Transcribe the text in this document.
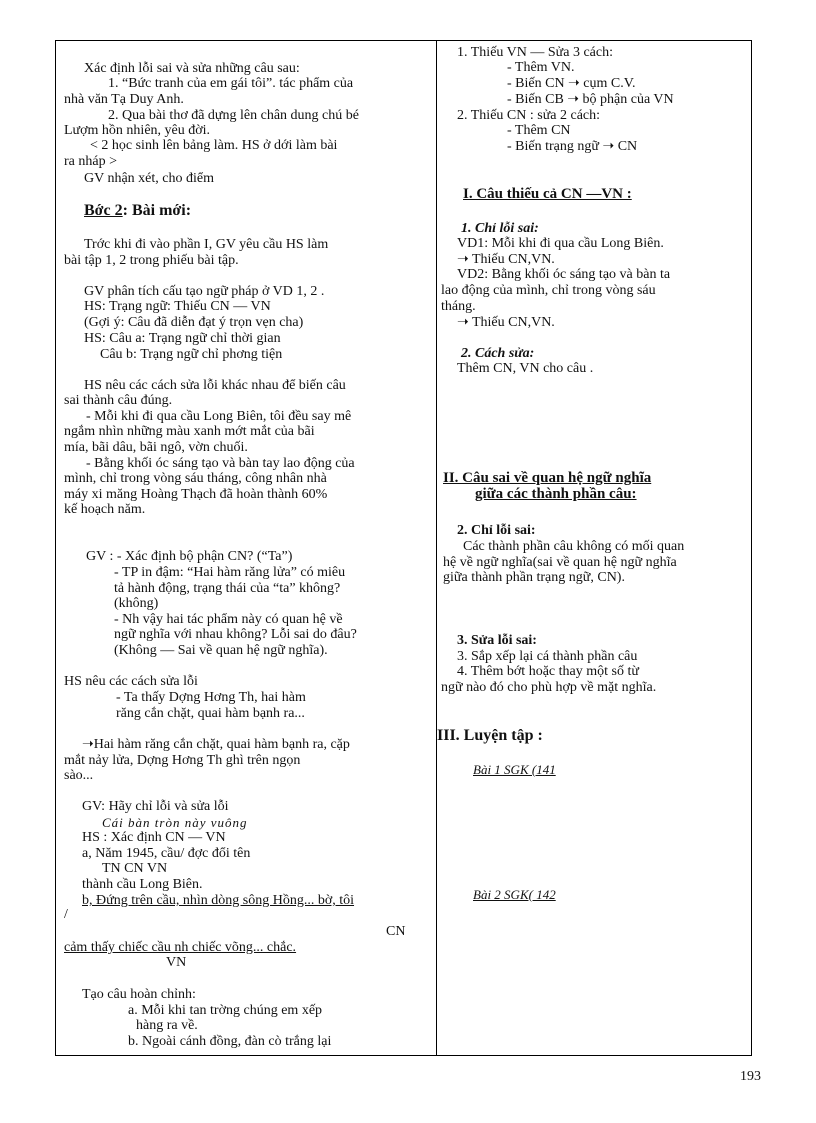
Xác định lỗi sai và sửa những câu sau:
1. “Bức tranh của em gái tôi”. tác phẩm của
nhà văn Tạ Duy Anh.
2. Qua bài thơ đã dựng lên chân dung chú bé
Lượm hồn nhiên, yêu đời.
< 2 học sinh lên bảng làm. HS ở dới làm bài
ra nháp >
GV nhận xét, cho điểm
Bớc 2: Bài mới:
Trớc khi đi vào phần I, GV yêu cầu HS làm
bài tập 1, 2 trong phiếu bài tập.
GV phân tích cấu tạo ngữ pháp ở VD 1, 2 .
HS: Trạng ngữ: Thiếu CN — VN
(Gợi ý: Câu đã diễn đạt ý trọn vẹn cha)
HS: Câu a: Trạng ngữ chỉ thời gian
Câu b: Trạng ngữ chỉ phơng tiện
HS nêu các cách sửa lỗi khác nhau để biến câu
sai thành câu đúng.
- Mỗi khi đi qua cầu Long Biên, tôi đều say mê
ngắm nhìn những màu xanh mớt mắt của bãi
mía, bãi dâu, bãi ngô, vờn chuối.
- Bằng khối óc sáng tạo và bàn tay lao động của
mình, chỉ trong vòng sáu tháng, công nhân nhà
máy xi măng Hoàng Thạch đã hoàn thành 60%
kế hoạch năm.
GV : - Xác định bộ phận CN? (“Ta”)
- TP in đậm: “Hai hàm răng lửa” có miêu
tả hành động, trạng thái của “ta” không?
(không)
- Nh vậy hai tác phẩm này có quan hệ về
ngữ nghĩa với nhau không? Lỗi sai do đâu?
(Không — Sai về quan hệ ngữ nghĩa).
HS nêu các cách sửa lỗi
- Ta thấy Dợng Hơng Th, hai hàm
răng cắn chặt, quai hàm bạnh ra...
➝Hai hàm răng cắn chặt, quai hàm bạnh ra, cặp
mắt nảy lửa, Dợng Hơng Th ghì trên ngọn
sào...
GV: Hãy chỉ lỗi và sửa lỗi
Cái bàn tròn này vuông
HS : Xác định CN — VN
a, Năm 1945, cầu/ đợc đổi tên
TN CN VN
thành cầu Long Biên.
b, Đứng trên cầu, nhìn dòng sông Hồng... bờ, tôi
/
CN
cảm thấy chiếc cầu nh chiếc võng... chắc.
VN
Tạo câu hoàn chỉnh:
a. Mỗi khi tan trờng chúng em xếp
hàng ra về.
b. Ngoài cánh đồng, đàn cò trắng lại
1. Thiếu VN — Sửa 3 cách:
- Thêm VN.
- Biến CN ➝ cụm C.V.
- Biến CB ➝ bộ phận của VN
2. Thiếu CN : sửa 2 cách:
- Thêm CN
- Biến trạng ngữ ➝ CN
I. Câu thiếu cả CN —VN :
1. Chỉ lỗi sai:
VD1: Mỗi khi đi qua cầu Long Biên.
➝ Thiếu CN,VN.
VD2: Bằng khối óc sáng tạo và bàn ta
lao động của mình, chỉ trong vòng sáu
tháng.
➝ Thiếu CN,VN.
2. Cách sửa:
Thêm CN, VN cho câu .
II. Câu sai về quan hệ ngữ nghĩa
giữa các thành phần câu:
2. Chỉ lỗi sai:
Các thành phần câu không có mối quan
hệ về ngữ nghĩa(sai về quan hệ ngữ nghĩa
giữa thành phần trạng ngữ, CN).
3. Sửa lỗi sai:
3. Sắp xếp lại cá thành phần câu
4. Thêm bớt hoặc thay một số từ
ngữ nào đó cho phù hợp về mặt nghĩa.
III. Luyện tập :
Bài 1 SGK (141
Bài 2 SGK( 142
193
